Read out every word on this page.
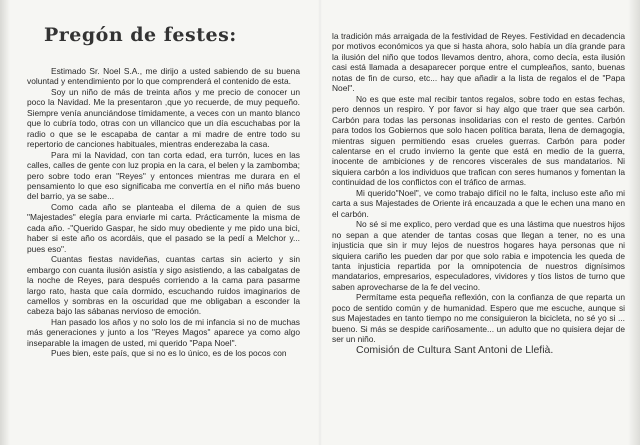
Pregón de festes:

Estimado Sr. Noel S.A., me dirijo a usted sabiendo de su buena voluntad y entendimiento por lo que comprenderá el contenido de esta.

Soy un niño de más de treinta años y me precio de conocer un poco la Navidad. Me la presentaron ,que yo recuerde, de muy pequeño. Siempre venía anunciándose tímidamente, a veces con un manto blanco que lo cubría todo, otras con un villancico que un día escuchabas por la radio o que se le escapaba de cantar a mi madre de entre todo su repertorio de canciones habituales, mientras enderezaba la casa.

Para mi la Navidad, con tan corta edad, era turrón, luces en las calles, calles de gente con luz propia en la cara, el belen y la zambomba; pero sobre todo eran "Reyes" y entonces mientras me durara en el pensamiento lo que eso significaba me convertía en el niño más bueno del barrio, ya se sabe...

Como cada año se planteaba el dilema de a quien de sus "Majestades" elegía para enviarle mi carta. Prácticamente la misma de cada año. -"Querido Gaspar, he sido muy obediente y me pido una bici, haber si este año os acordáis, que el pasado se la pedí a Melchor y... pues eso".

Cuantas fiestas navideñas, cuantas cartas sin acierto y sin embargo con cuanta ilusión asistía y sigo asistiendo, a las cabalgatas de la noche de Reyes, para después corriendo a la cama para pasarme largo rato, hasta que caía dormido, escuchando ruidos imaginarios de camellos y sombras en la oscuridad que me obligaban a esconder la cabeza bajo las sábanas nervioso de emoción.

Han pasado los años y no solo los de mi infancia si no de muchas más generaciones y junto a los "Reyes Magos" aparece ya como algo inseparable la imagen de usted, mi querido "Papa Noel".

Pues bien, este país, que si no es lo único, es de los pocos con

la tradición más arraigada de la festividad de Reyes. Festividad en decadencia por motivos económicos ya que si hasta ahora, solo había un día grande para la ilusión del niño que todos llevamos dentro, ahora, como decía, esta ilusión casi está llamada a desaparecer porque entre el cumpleaños, santo, buenas notas de fin de curso, etc... hay que añadir a la lista de regalos el de "Papa Noel".

No es que este mal recibir tantos regalos, sobre todo en estas fechas, pero dennos un respiro. Y por favor si hay algo que traer que sea carbón. Carbón para todas las personas insolidarias con el resto de gentes. Carbón para todos los Gobiernos que solo hacen política barata, llena de demagogia, mientras siguen permitiendo esas crueles guerras. Carbón para poder calentarse en el crudo invierno la gente que está en medio de la guerra, inocente de ambiciones y de rencores viscerales de sus mandatarios. Ni siquiera carbón a los individuos que trafican con seres humanos y fomentan la continuidad de los conflictos con el tráfico de armas.

Mi querido"Noel", ve como trabajo difícil no le falta, incluso este año mi carta a sus Majestades de Oriente irá encauzada a que le echen una mano en el carbón.

No sé si me explico, pero verdad que es una lástima que nuestros hijos no sepan a que atender de tantas cosas que llegan a tener, no es una injusticia que sin ir muy lejos de nuestros hogares haya personas que ni siquiera cariño les pueden dar por que solo rabia e impotencia les queda de tanta injusticia repartida por la omnipotencia de nuestros dignísimos mandatarios, empresarios, especuladores, vividores y tíos listos de turno que saben aprovecharse de la fe del vecino.

Permítame esta pequeña reflexión, con la confianza de que reparta un poco de sentido común y de humanidad. Espero que me escuche, aunque si sus Majestades en tanto tiempo no me consiguieron la bicicleta, no sé yo si ... bueno. Si más se despide cariñosamente... un adulto que no quisiera dejar de ser un niño.

Comisión de Cultura Sant Antoni de Llefià.
